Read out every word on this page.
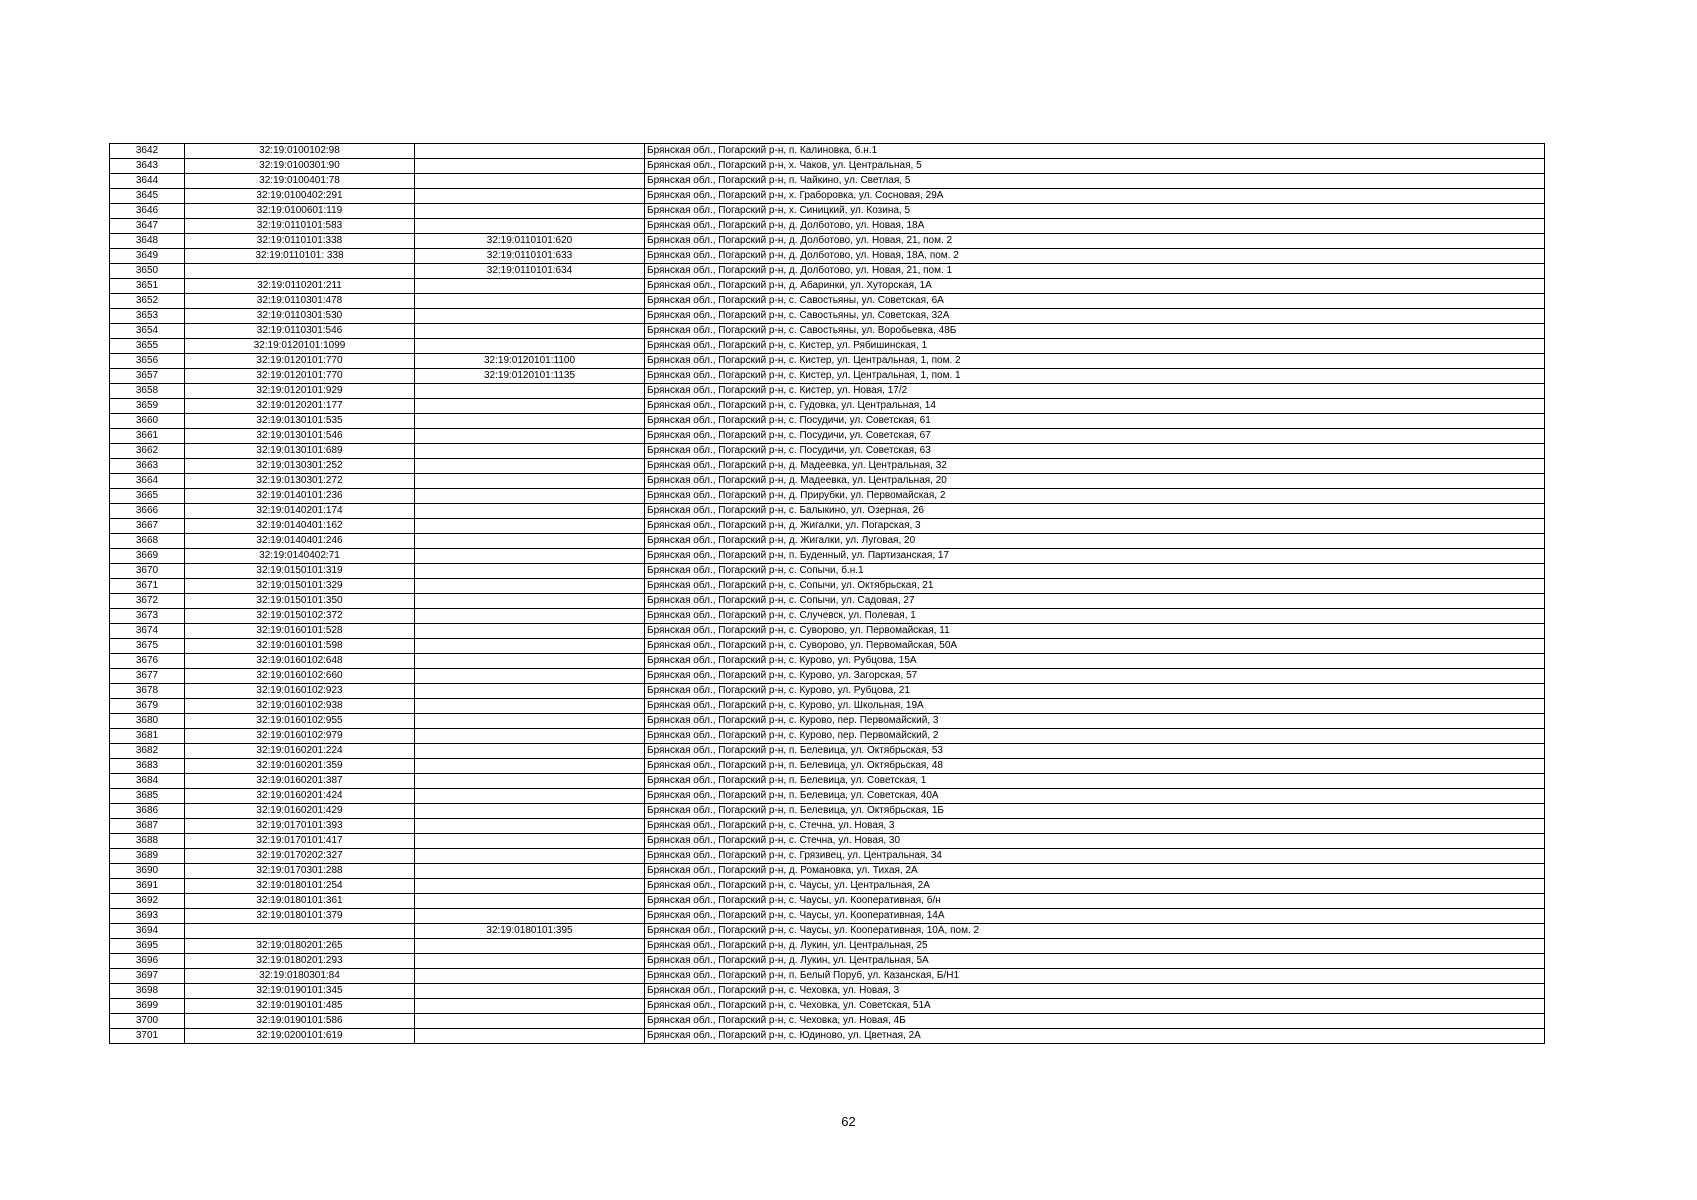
3642	32:19:0100102:98		Брянская обл., Погарский р-н, п. Калиновка, б.н.1
3643	32:19:0100301:90		Брянская обл., Погарский р-н, х. Чаков, ул. Центральная, 5
3644	32:19:0100401:78		Брянская обл., Погарский р-н, п. Чайкино, ул. Светлая, 5
3645	32:19:0100402:291		Брянская обл., Погарский р-н, х. Граборовка, ул. Сосновая, 29А
3646	32:19:0100601:119		Брянская обл., Погарский р-н, х. Синицкий, ул. Козина, 5
3647	32:19:0110101:583		Брянская обл., Погарский р-н, д. Долботово, ул. Новая, 18А
3648	32:19:0110101:338	32:19:0110101:620	Брянская обл., Погарский р-н, д. Долботово, ул. Новая, 21, пом. 2
3649	32:19:0110101: 338	32:19:0110101:633	Брянская обл., Погарский р-н, д. Долботово, ул. Новая, 18А, пом. 2
3650		32:19:0110101:634	Брянская обл., Погарский р-н, д. Долботово, ул. Новая, 21, пом. 1
3651	32:19:0110201:211		Брянская обл., Погарский р-н, д. Абаринки, ул. Хуторская, 1А
3652	32:19:0110301:478		Брянская обл., Погарский р-н, с. Савостьяны, ул. Советская, 6А
3653	32:19:0110301:530		Брянская обл., Погарский р-н, с. Савостьяны, ул. Советская, 32А
3654	32:19:0110301:546		Брянская обл., Погарский р-н, с. Савостьяны, ул. Воробьевка, 48Б
3655	32:19:0120101:1099		Брянская обл., Погарский р-н, с. Кистер, ул. Рябишинская, 1
3656	32:19:0120101:770	32:19:0120101:1100	Брянская обл., Погарский р-н, с. Кистер, ул. Центральная, 1, пом. 2
3657	32:19:0120101:770	32:19:0120101:1135	Брянская обл., Погарский р-н, с. Кистер, ул. Центральная, 1, пом. 1
3658	32:19:0120101:929		Брянская обл., Погарский р-н, с. Кистер, ул. Новая, 17/2
3659	32:19:0120201:177		Брянская обл., Погарский р-н, с. Гудовка, ул. Центральная, 14
3660	32:19:0130101:535		Брянская обл., Погарский р-н, с. Посудичи, ул. Советская, 61
3661	32:19:0130101:546		Брянская обл., Погарский р-н, с. Посудичи, ул. Советская, 67
3662	32:19:0130101:689		Брянская обл., Погарский р-н, с. Посудичи, ул. Советская, 63
3663	32:19:0130301:252		Брянская обл., Погарский р-н, д. Мадеевка, ул. Центральная, 32
3664	32:19:0130301:272		Брянская обл., Погарский р-н, д. Мадеевка, ул. Центральная, 20
3665	32:19:0140101:236		Брянская обл., Погарский р-н, д. Прирубки, ул. Первомайская, 2
3666	32:19:0140201:174		Брянская обл., Погарский р-н, с. Балыкино, ул. Озерная, 26
3667	32:19:0140401:162		Брянская обл., Погарский р-н, д. Жигалки, ул. Погарская, 3
3668	32:19:0140401:246		Брянская обл., Погарский р-н, д. Жигалки, ул. Луговая, 20
3669	32:19:0140402:71		Брянская обл., Погарский р-н, п. Буденный, ул. Партизанская, 17
3670	32:19:0150101:319		Брянская обл., Погарский р-н, с. Сопычи, б.н.1
3671	32:19:0150101:329		Брянская обл., Погарский р-н, с. Сопычи, ул. Октябрьская, 21
3672	32:19:0150101:350		Брянская обл., Погарский р-н, с. Сопычи, ул. Садовая, 27
3673	32:19:0150102:372		Брянская обл., Погарский р-н, с. Случевск, ул. Полевая, 1
3674	32:19:0160101:528		Брянская обл., Погарский р-н, с. Суворово, ул. Первомайская, 11
3675	32:19:0160101:598		Брянская обл., Погарский р-н, с. Суворово, ул. Первомайская, 50А
3676	32:19:0160102:648		Брянская обл., Погарский р-н, с. Курово, ул. Рубцова, 15А
3677	32:19:0160102:660		Брянская обл., Погарский р-н, с. Курово, ул. Загорская, 57
3678	32:19:0160102:923		Брянская обл., Погарский р-н, с. Курово, ул. Рубцова, 21
3679	32:19:0160102:938		Брянская обл., Погарский р-н, с. Курово, ул. Школьная, 19А
3680	32:19:0160102:955		Брянская обл., Погарский р-н, с. Курово, пер. Первомайский, 3
3681	32:19:0160102:979		Брянская обл., Погарский р-н, с. Курово, пер. Первомайский, 2
3682	32:19:0160201:224		Брянская обл., Погарский р-н, п. Белевица, ул. Октябрьская, 53
3683	32:19:0160201:359		Брянская обл., Погарский р-н, п. Белевица, ул. Октябрьская, 48
3684	32:19:0160201:387		Брянская обл., Погарский р-н, п. Белевица, ул. Советская, 1
3685	32:19:0160201:424		Брянская обл., Погарский р-н, п. Белевица, ул. Советская, 40А
3686	32:19:0160201:429		Брянская обл., Погарский р-н, п. Белевица, ул. Октябрьская, 1Б
3687	32:19:0170101:393		Брянская обл., Погарский р-н, с. Стечна, ул. Новая, 3
3688	32:19:0170101:417		Брянская обл., Погарский р-н, с. Стечна, ул. Новая, 30
3689	32:19:0170202:327		Брянская обл., Погарский р-н, с. Грязивец, ул. Центральная, 34
3690	32:19:0170301:288		Брянская обл., Погарский р-н, д. Романовка, ул. Тихая, 2А
3691	32:19:0180101:254		Брянская обл., Погарский р-н, с. Чаусы, ул. Центральная, 2А
3692	32:19:0180101:361		Брянская обл., Погарский р-н, с. Чаусы, ул. Кооперативная, б/н
3693	32:19:0180101:379		Брянская обл., Погарский р-н, с. Чаусы, ул. Кооперативная, 14А
3694		32:19:0180101:395	Брянская обл., Погарский р-н, с. Чаусы, ул. Кооперативная, 10А, пом. 2
3695	32:19:0180201:265		Брянская обл., Погарский р-н, д. Лукин, ул. Центральная, 25
3696	32:19:0180201:293		Брянская обл., Погарский р-н, д. Лукин, ул. Центральная, 5А
3697	32:19:0180301:84		Брянская обл., Погарский р-н, п. Белый Поруб, ул. Казанская, Б/Н1
3698	32:19:0190101:345		Брянская обл., Погарский р-н, с. Чеховка, ул. Новая, 3
3699	32:19:0190101:485		Брянская обл., Погарский р-н, с. Чеховка, ул. Советская, 51А
3700	32:19:0190101:586		Брянская обл., Погарский р-н, с. Чеховка, ул. Новая, 4Б
3701	32:19:0200101:619		Брянская обл., Погарский р-н, с. Юдиново, ул. Цветная, 2А
62
